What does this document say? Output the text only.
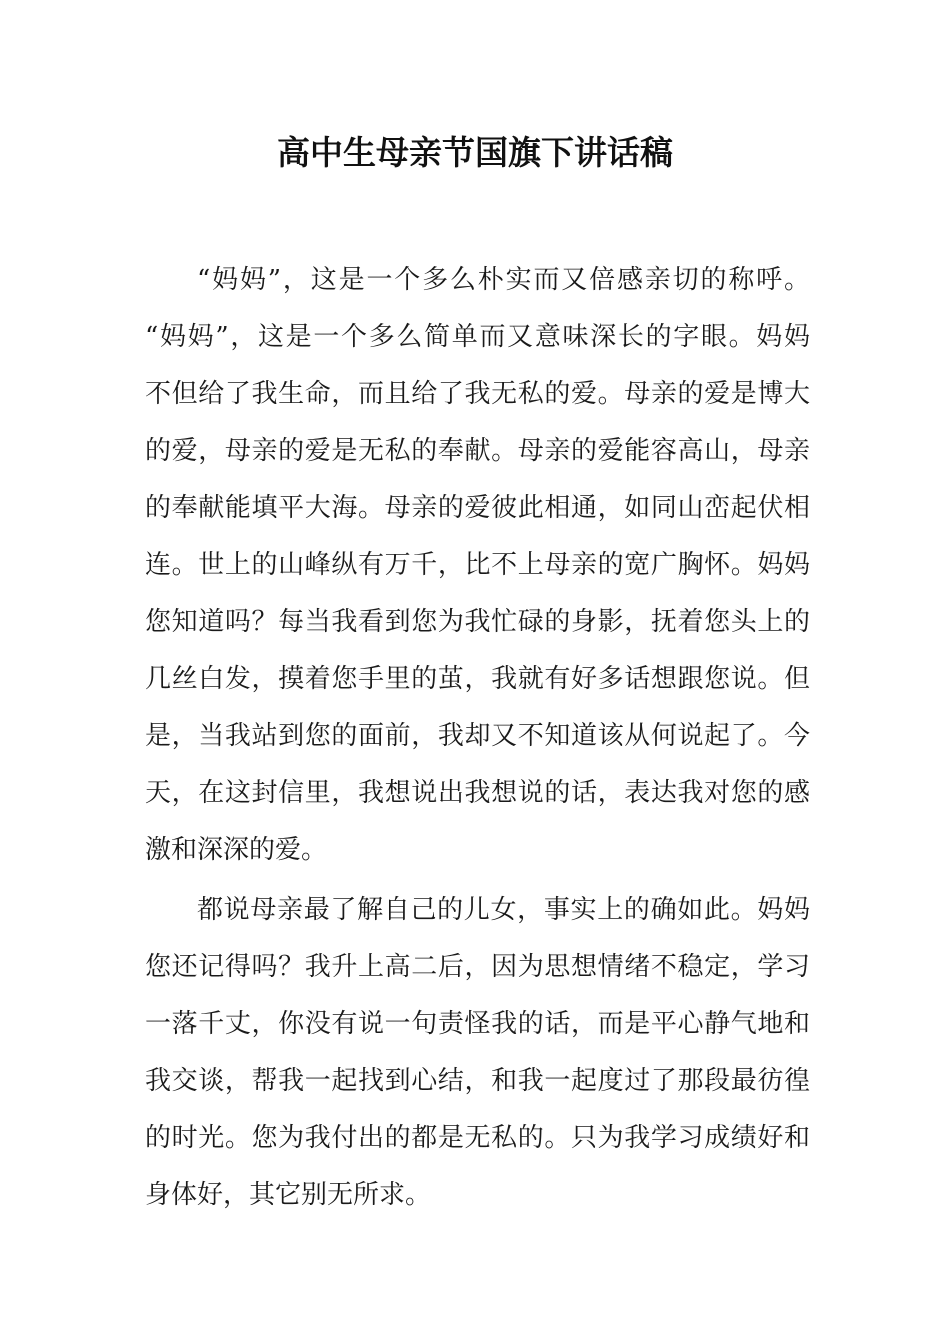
高中生母亲节国旗下讲话稿
“妈妈”，这是一个多么朴实而又倍感亲切的称呼。
“妈妈”，这是一个多么简单而又意味深长的字眼。妈妈
不但给了我生命，而且给了我无私的爱。母亲的爱是博大
的爱，母亲的爱是无私的奉献。母亲的爱能容高山，母亲
的奉献能填平大海。母亲的爱彼此相通，如同山峦起伏相
连。世上的山峰纵有万千，比不上母亲的宽广胸怀。妈妈
您知道吗？每当我看到您为我忙碌的身影，抚着您头上的
几丝白发，摸着您手里的茧，我就有好多话想跟您说。但
是，当我站到您的面前，我却又不知道该从何说起了。今
天，在这封信里，我想说出我想说的话，表达我对您的感
激和深深的爱。
都说母亲最了解自己的儿女，事实上的确如此。妈妈
您还记得吗？我升上高二后，因为思想情绪不稳定，学习
一落千丈，你没有说一句责怪我的话，而是平心静气地和
我交谈，帮我一起找到心结，和我一起度过了那段最彷徨
的时光。您为我付出的都是无私的。只为我学习成绩好和
身体好，其它别无所求。
